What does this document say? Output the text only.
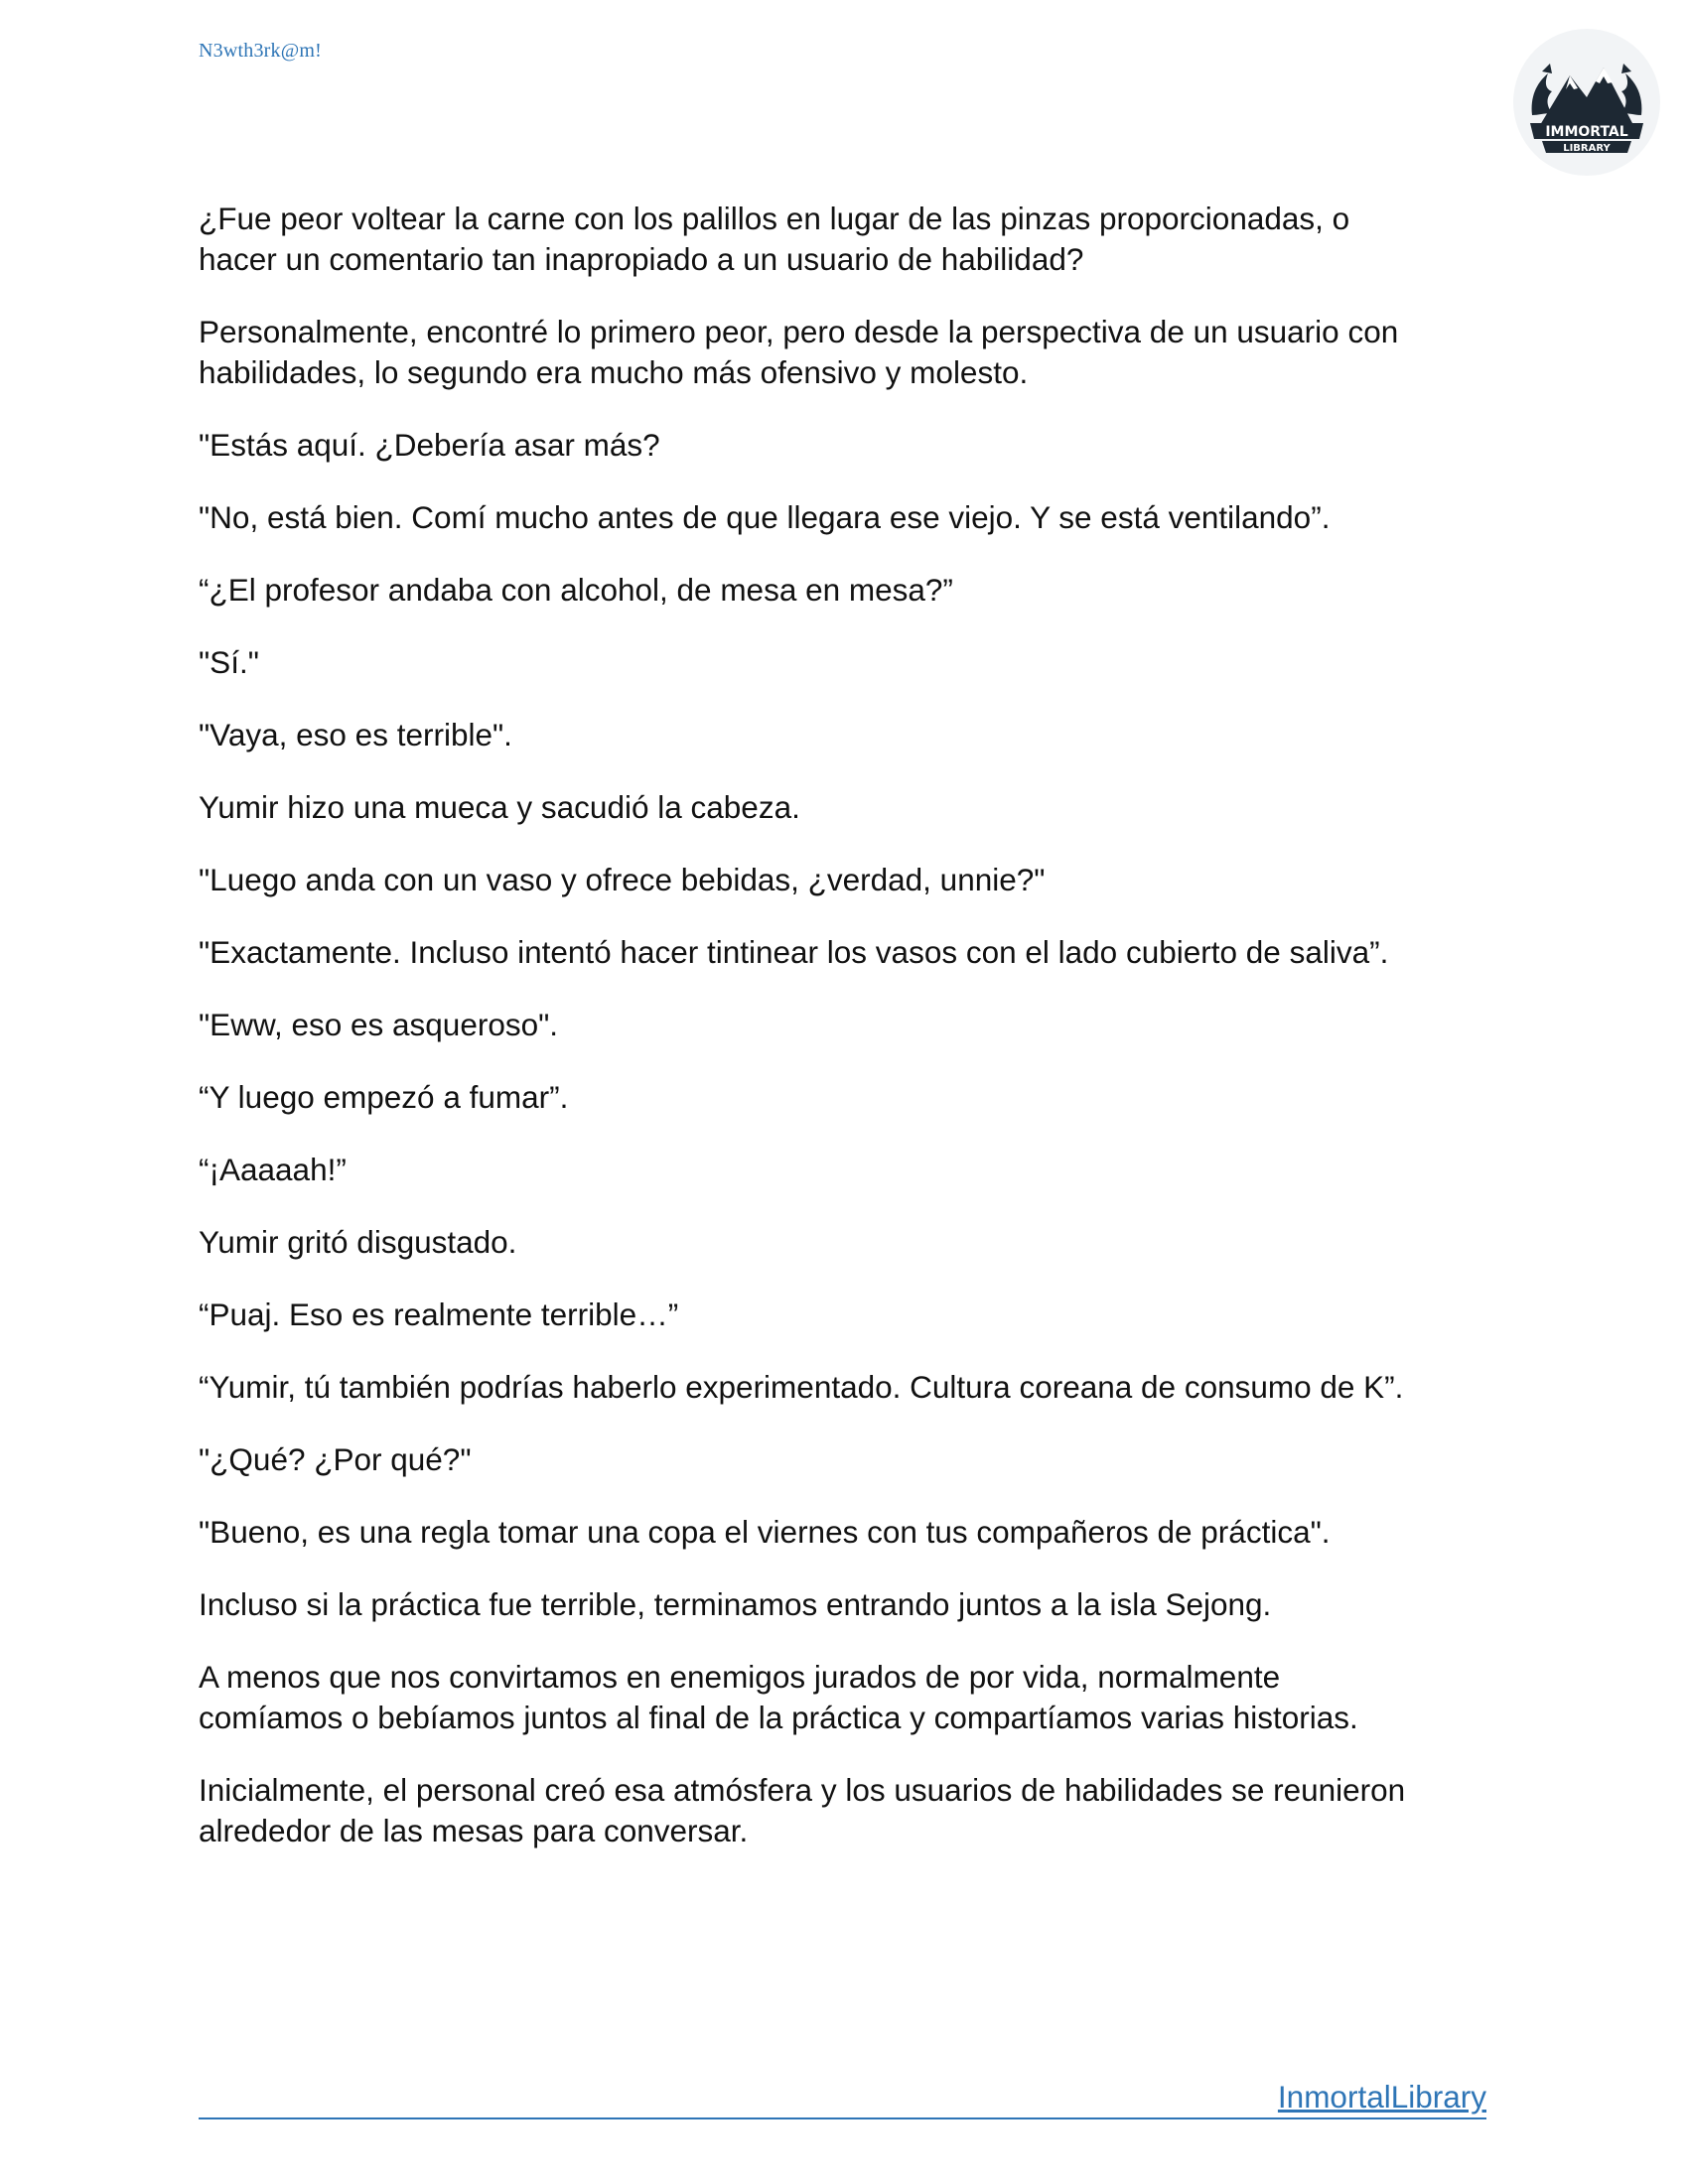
N3wth3rk@m!
IMMORTAL
LIBRARY

¿Fue peor voltear la carne con los palillos en lugar de las pinzas proporcionadas, o
hacer un comentario tan inapropiado a un usuario de habilidad?

Personalmente, encontré lo primero peor, pero desde la perspectiva de un usuario con
habilidades, lo segundo era mucho más ofensivo y molesto.

"Estás aquí. ¿Debería asar más?

"No, está bien. Comí mucho antes de que llegara ese viejo. Y se está ventilando”.

“¿El profesor andaba con alcohol, de mesa en mesa?”

"Sí."

"Vaya, eso es terrible".

Yumir hizo una mueca y sacudió la cabeza.

"Luego anda con un vaso y ofrece bebidas, ¿verdad, unnie?"

"Exactamente. Incluso intentó hacer tintinear los vasos con el lado cubierto de saliva”.

"Eww, eso es asqueroso".

“Y luego empezó a fumar”.

“¡Aaaaah!”

Yumir gritó disgustado.

“Puaj. Eso es realmente terrible…”

“Yumir, tú también podrías haberlo experimentado. Cultura coreana de consumo de K”.

"¿Qué? ¿Por qué?"

"Bueno, es una regla tomar una copa el viernes con tus compañeros de práctica".

Incluso si la práctica fue terrible, terminamos entrando juntos a la isla Sejong.

A menos que nos convirtamos en enemigos jurados de por vida, normalmente
comíamos o bebíamos juntos al final de la práctica y compartíamos varias historias.

Inicialmente, el personal creó esa atmósfera y los usuarios de habilidades se reunieron
alrededor de las mesas para conversar.

InmortalLibrary
